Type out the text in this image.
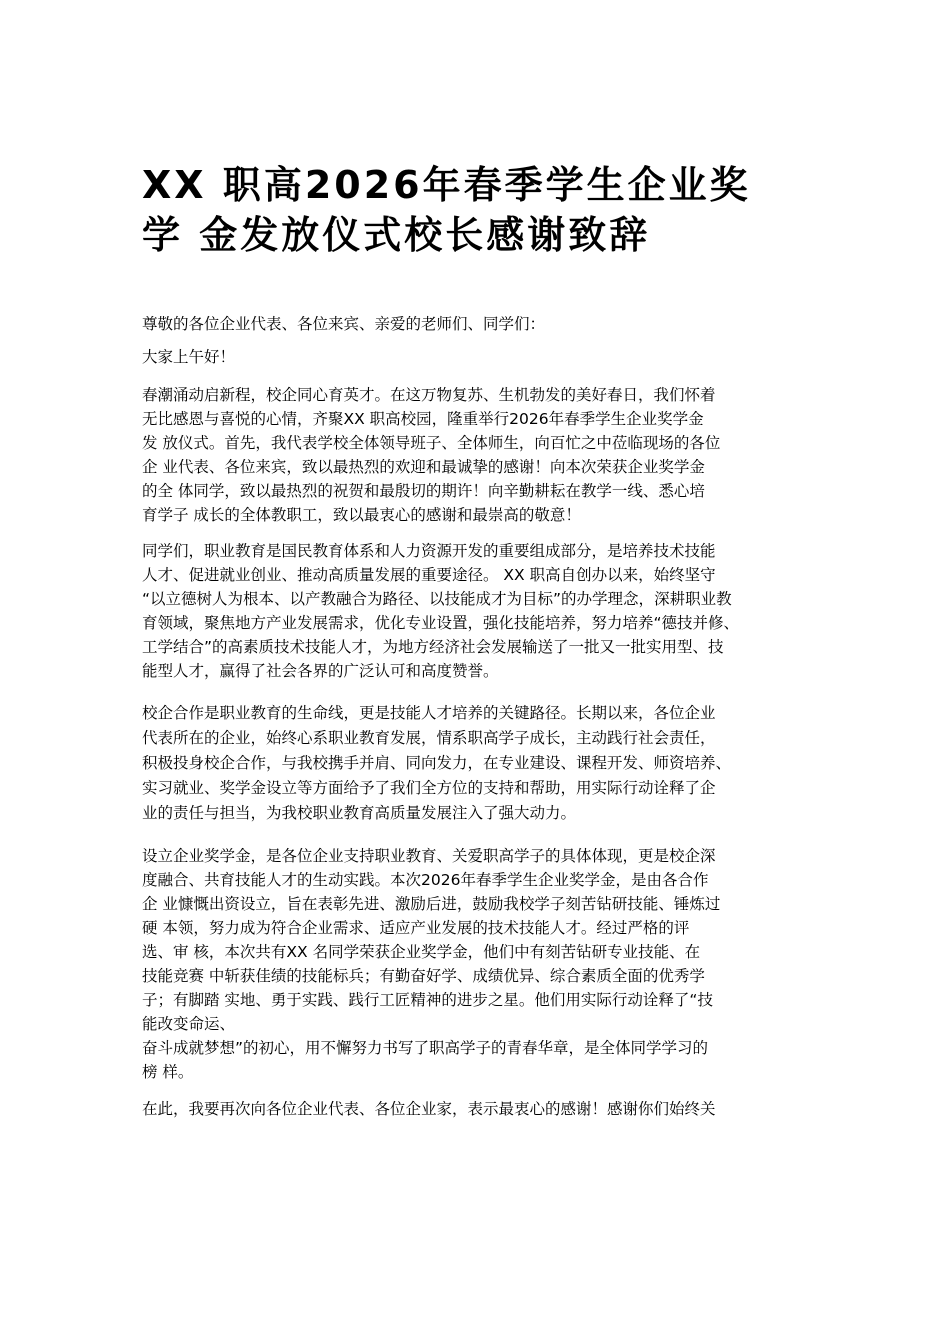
XX 职高2026年春季学生企业奖
学 金发放仪式校长感谢致辞

尊敬的各位企业代表、各位来宾、亲爱的老师们、同学们：

大家上午好！

春潮涌动启新程，校企同心育英才。在这万物复苏、生机勃发的美好春日，我们怀着
无比感恩与喜悦的心情，齐聚XX 职高校园，隆重举行2026年春季学生企业奖学金
发 放仪式。首先，我代表学校全体领导班子、全体师生，向百忙之中莅临现场的各位
企 业代表、各位来宾，致以最热烈的欢迎和最诚挚的感谢！向本次荣获企业奖学金
的全 体同学，致以最热烈的祝贺和最殷切的期许！向辛勤耕耘在教学一线、悉心培
育学子 成长的全体教职工，致以最衷心的感谢和最崇高的敬意！

同学们，职业教育是国民教育体系和人力资源开发的重要组成部分，是培养技术技能
人才、促进就业创业、推动高质量发展的重要途径。 XX 职高自创办以来，始终坚守
“以立德树人为根本、以产教融合为路径、以技能成才为目标”的办学理念，深耕职业教
育领域，聚焦地方产业发展需求，优化专业设置，强化技能培养，努力培养“德技并修、
工学结合”的高素质技术技能人才，为地方经济社会发展输送了一批又一批实用型、技
能型人才，赢得了社会各界的广泛认可和高度赞誉。

校企合作是职业教育的生命线，更是技能人才培养的关键路径。长期以来，各位企业
代表所在的企业，始终心系职业教育发展，情系职高学子成长，主动践行社会责任，
积极投身校企合作，与我校携手并肩、同向发力，在专业建设、课程开发、师资培养、
实习就业、奖学金设立等方面给予了我们全方位的支持和帮助，用实际行动诠释了企
业的责任与担当，为我校职业教育高质量发展注入了强大动力。

设立企业奖学金，是各位企业支持职业教育、关爱职高学子的具体体现，更是校企深
度融合、共育技能人才的生动实践。本次2026年春季学生企业奖学金，是由各合作
企 业慷慨出资设立，旨在表彰先进、激励后进，鼓励我校学子刻苦钻研技能、锤炼过
硬 本领，努力成为符合企业需求、适应产业发展的技术技能人才。经过严格的评
选、审 核，本次共有XX 名同学荣获企业奖学金，他们中有刻苦钻研专业技能、在
技能竞赛 中斩获佳绩的技能标兵；有勤奋好学、成绩优异、综合素质全面的优秀学
子；有脚踏 实地、勇于实践、践行工匠精神的进步之星。他们用实际行动诠释了“技
能改变命运、
奋斗成就梦想”的初心，用不懈努力书写了职高学子的青春华章，是全体同学学习的
榜 样。

在此，我要再次向各位企业代表、各位企业家，表示最衷心的感谢！感谢你们始终关
